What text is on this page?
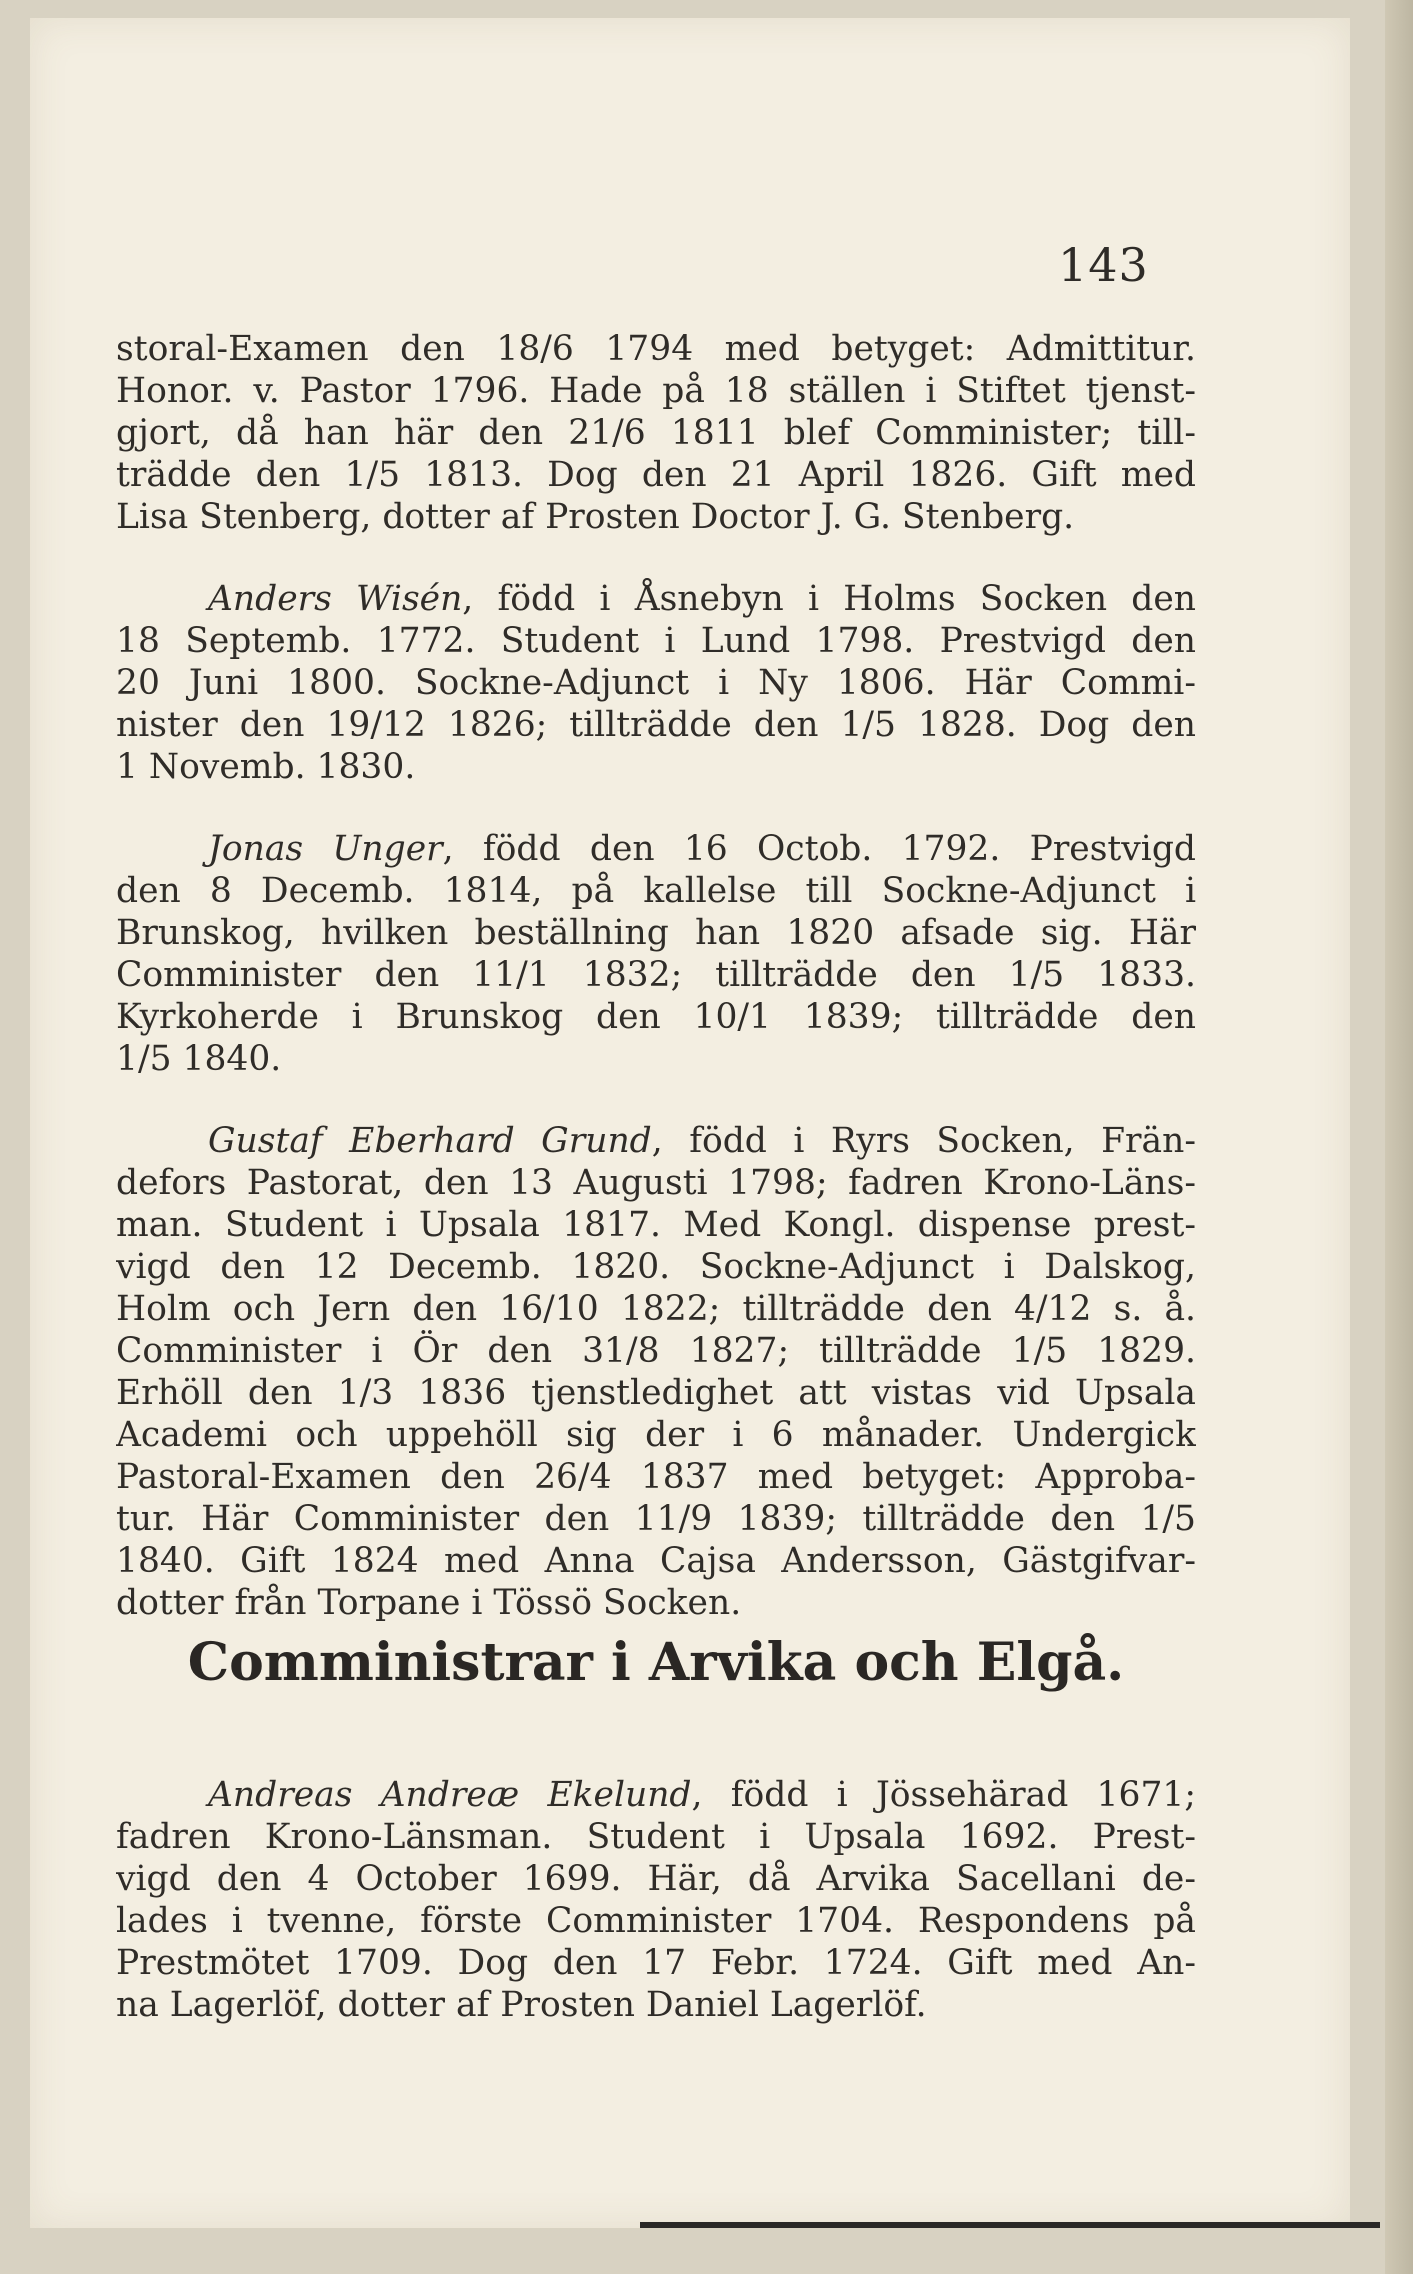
143
storal-Examen den 18/6 1794 med betyget: Admittitur.
Honor. v. Pastor 1796. Hade på 18 ställen i Stiftet tjenst-
gjort, då han här den 21/6 1811 blef Comminister; till-
trädde den 1/5 1813. Dog den 21 April 1826. Gift med
Lisa Stenberg, dotter af Prosten Doctor J. G. Stenberg.
Anders Wisén, född i Åsnebyn i Holms Socken den
18 Septemb. 1772. Student i Lund 1798. Prestvigd den
20 Juni 1800. Sockne-Adjunct i Ny 1806. Här Commi-
nister den 19/12 1826; tillträdde den 1/5 1828. Dog den
1 Novemb. 1830.
Jonas Unger, född den 16 Octob. 1792. Prestvigd
den 8 Decemb. 1814, på kallelse till Sockne-Adjunct i
Brunskog, hvilken beställning han 1820 afsade sig. Här
Comminister den 11/1 1832; tillträdde den 1/5 1833.
Kyrkoherde i Brunskog den 10/1 1839; tillträdde den
1/5 1840.
Gustaf Eberhard Grund, född i Ryrs Socken, Frän-
defors Pastorat, den 13 Augusti 1798; fadren Krono-Läns-
man. Student i Upsala 1817. Med Kongl. dispense prest-
vigd den 12 Decemb. 1820. Sockne-Adjunct i Dalskog,
Holm och Jern den 16/10 1822; tillträdde den 4/12 s. å.
Comminister i Ör den 31/8 1827; tillträdde 1/5 1829.
Erhöll den 1/3 1836 tjenstledighet att vistas vid Upsala
Academi och uppehöll sig der i 6 månader. Undergick
Pastoral-Examen den 26/4 1837 med betyget: Approba-
tur. Här Comminister den 11/9 1839; tillträdde den 1/5
1840. Gift 1824 med Anna Cajsa Andersson, Gästgifvar-
dotter från Torpane i Tössö Socken.
Comministrar i Arvika och Elgå.
Andreas Andreæ Ekelund, född i Jössehärad 1671;
fadren Krono-Länsman. Student i Upsala 1692. Prest-
vigd den 4 October 1699. Här, då Arvika Sacellani de-
lades i tvenne, förste Comminister 1704. Respondens på
Prestmötet 1709. Dog den 17 Febr. 1724. Gift med An-
na Lagerlöf, dotter af Prosten Daniel Lagerlöf.
